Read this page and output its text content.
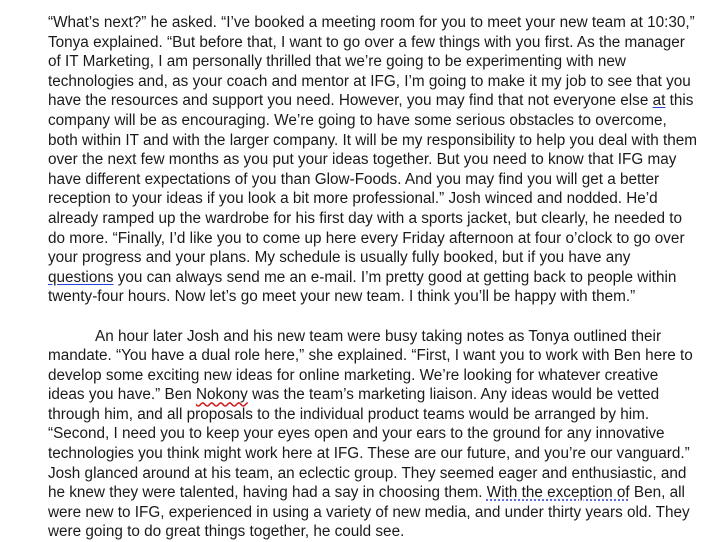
“What’s next?” he asked. “I’ve booked a meeting room for you to meet your new team at 10:30,”
Tonya explained. “But before that, I want to go over a few things with you first. As the manager
of IT Marketing, I am personally thrilled that we’re going to be experimenting with new
technologies and, as your coach and mentor at IFG, I’m going to make it my job to see that you
have the resources and support you need. However, you may find that not everyone else at this
company will be as encouraging. We’re going to have some serious obstacles to overcome,
both within IT and with the larger company. It will be my responsibility to help you deal with them
over the next few months as you put your ideas together. But you need to know that IFG may
have different expectations of you than Glow-Foods. And you may find you will get a better
reception to your ideas if you look a bit more professional.” Josh winced and nodded. He’d
already ramped up the wardrobe for his first day with a sports jacket, but clearly, he needed to
do more. “Finally, I’d like you to come up here every Friday afternoon at four o’clock to go over
your progress and your plans. My schedule is usually fully booked, but if you have any
questions you can always send me an e-mail. I’m pretty good at getting back to people within
twenty-four hours. Now let’s go meet your new team. I think you’ll be happy with them.”
An hour later Josh and his new team were busy taking notes as Tonya outlined their
mandate. “You have a dual role here,” she explained. “First, I want you to work with Ben here to
develop some exciting new ideas for online marketing. We’re looking for whatever creative
ideas you have.” Ben Nokony was the team’s marketing liaison. Any ideas would be vetted
through him, and all proposals to the individual product teams would be arranged by him.
“Second, I need you to keep your eyes open and your ears to the ground for any innovative
technologies you think might work here at IFG. These are our future, and you’re our vanguard.”
Josh glanced around at his team, an eclectic group. They seemed eager and enthusiastic, and
he knew they were talented, having had a say in choosing them. With the exception of Ben, all
were new to IFG, experienced in using a variety of new media, and under thirty years old. They
were going to do great things together, he could see.
